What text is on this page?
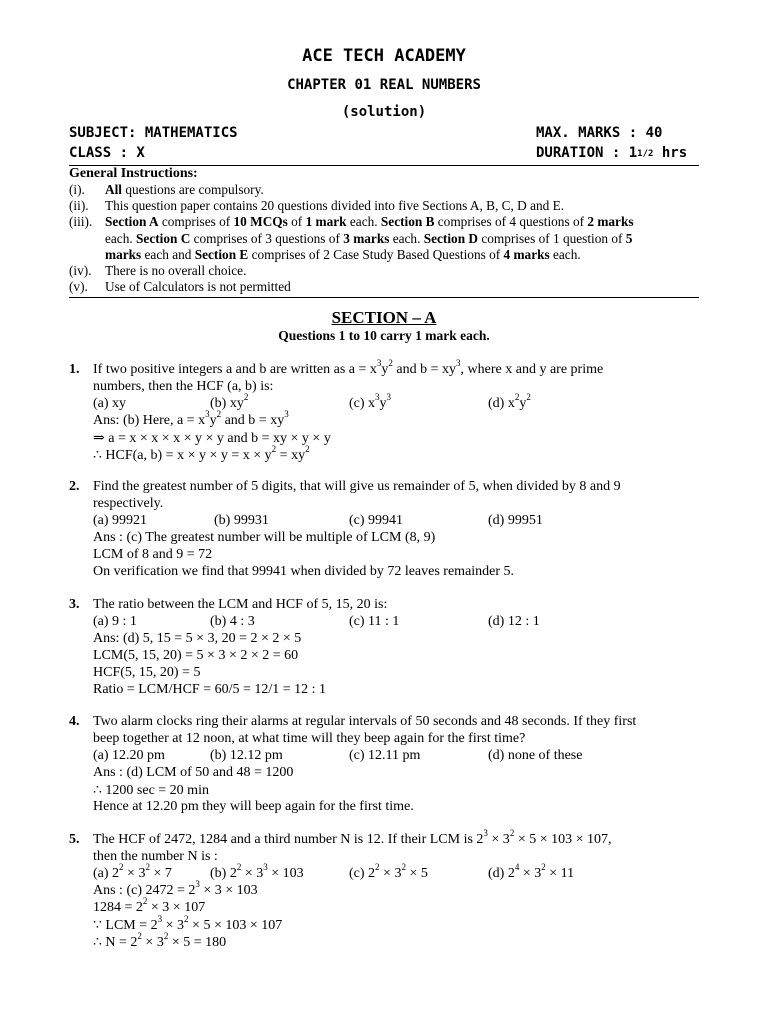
ACE TECH ACADEMY
CHAPTER 01 REAL NUMBERS
(solution)
SUBJECT: MATHEMATICS	MAX. MARKS : 40
CLASS : X	DURATION : 11/2 hrs
General Instructions:
(i). All questions are compulsory.
(ii). This question paper contains 20 questions divided into five Sections A, B, C, D and E.
(iii). Section A comprises of 10 MCQs of 1 mark each. Section B comprises of 4 questions of 2 marks
each. Section C comprises of 3 questions of 3 marks each. Section D comprises of 1 question of 5
marks each and Section E comprises of 2 Case Study Based Questions of 4 marks each.
(iv). There is no overall choice.
(v). Use of Calculators is not permitted
SECTION – A
Questions 1 to 10 carry 1 mark each.
1. If two positive integers a and b are written as $a = x^3y^2$ and $b = xy^3$, where x and y are prime
numbers, then the HCF (a, b) is:
(a) xy	(b) $xy^2$	(c) $x^3y^3$	(d) $x^2y^2$
Ans: (b) Here, $a = x^3y^2$ and $b = xy^3$
⇒ a = x × x × x × y × y and b = xy × y × y
∴ HCF(a, $b) = x \times y \times y = x \times y^2 = xy^2$
2. Find the greatest number of 5 digits, that will give us remainder of 5, when divided by 8 and 9
respectively.
(a) 99921	(b) 99931	(c) 99941	(d) 99951
Ans : (c) The greatest number will be multiple of LCM (8, 9)
LCM of 8 and 9 = 72
On verification we find that 99941 when divided by 72 leaves remainder 5.
3. The ratio between the LCM and HCF of 5, 15, 20 is:
(a) 9 : 1	(b) 4 : 3	(c) 11 : 1	(d) 12 : 1
Ans: (d) 5, 15 = 5 × 3, 20 = 2 × 2 × 5
LCM(5, 15, 20) = 5 × 3 × 2 × 2 = 60
HCF(5, 15, 20) = 5
Ratio = LCM/HCF = 60/5 = 12/1 = 12 : 1
4. Two alarm clocks ring their alarms at regular intervals of 50 seconds and 48 seconds. If they first
beep together at 12 noon, at what time will they beep again for the first time?
(a) 12.20 pm	(b) 12.12 pm	(c) 12.11 pm	(d) none of these
Ans : (d) LCM of 50 and 48 = 1200
∴ 1200 sec = 20 min
Hence at 12.20 pm they will beep again for the first time.
5. The HCF of 2472, 1284 and a third number N is 12. If their LCM is $2^3 \times 3^2 \times 5 \times 103 \times 107$,
then the number N is :
(a) $2^2 \times 3^2 \times 7$	(b) $2^2 \times 3^3 \times 103$	(c) $2^2 \times 3^2 \times 5$	(d) $2^4 \times 3^2 \times 11$
Ans : (c) $2472 = 2^3 \times 3 \times 103$
$1284 = 2^2 \times 3 \times 107$
∵ LCM = $2^3 \times 3^2 \times 5 \times 103 \times 107$
∴ $N = 2^2 \times 3^2 \times 5 = 180$
